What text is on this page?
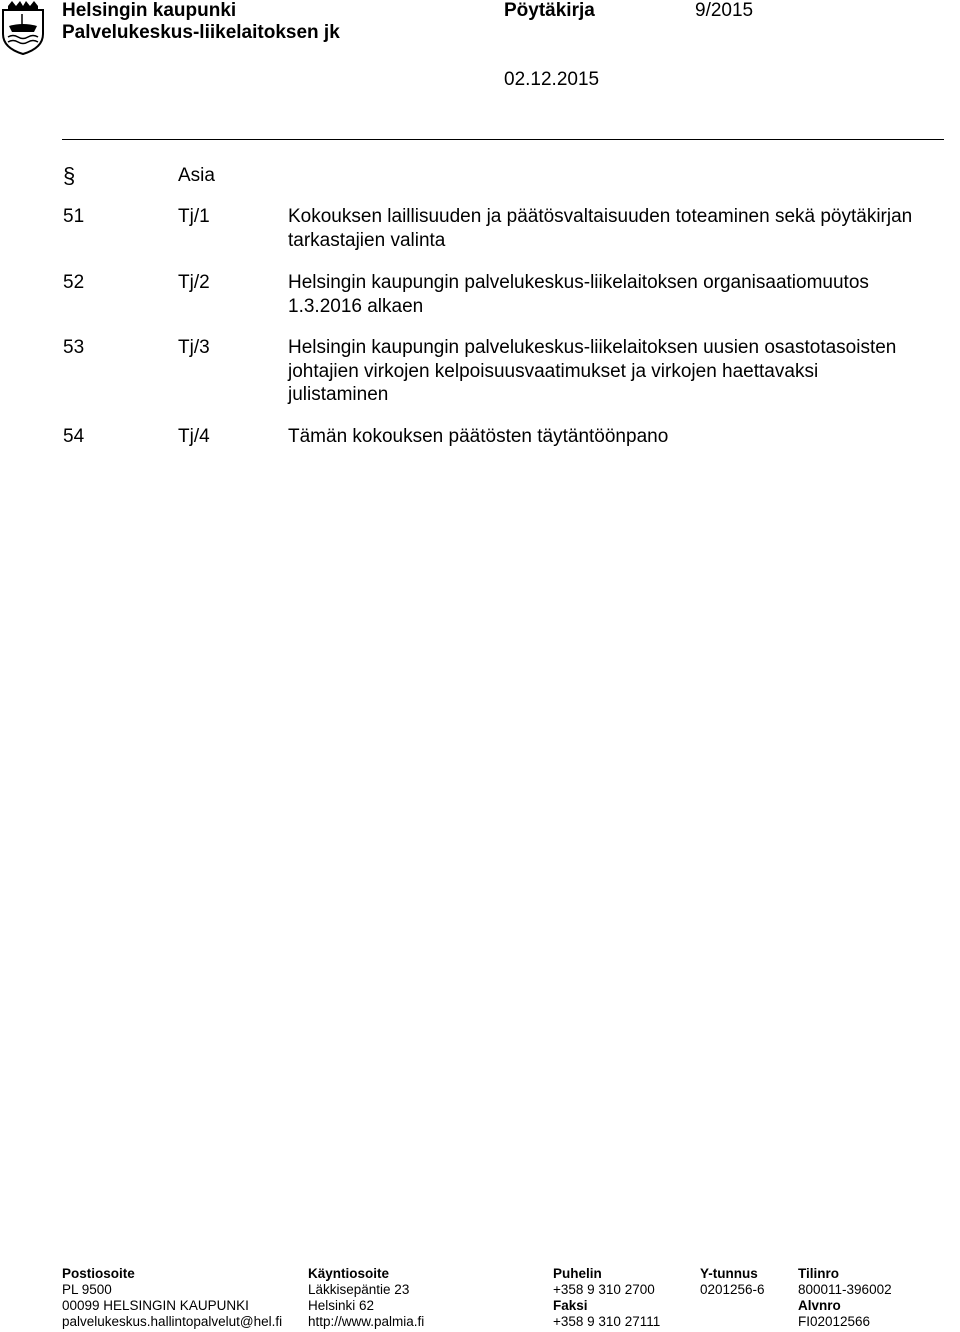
Helsingin kaupunki
Palvelukeskus-liikelaitoksen jk
Pöytäkirja	9/2015
02.12.2015
§	Asia
51	Tj/1	Kokouksen laillisuuden ja päätösvaltaisuuden toteaminen sekä pöytäkirjan tarkastajien valinta
52	Tj/2	Helsingin kaupungin palvelukeskus-liikelaitoksen organisaatiomuutos 1.3.2016 alkaen
53	Tj/3	Helsingin kaupungin palvelukeskus-liikelaitoksen uusien osastotasoisten johtajien virkojen kelpoisuusvaatimukset ja virkojen haettavaksi julistaminen
54	Tj/4	Tämän kokouksen päätösten täytäntöönpano
Postiosoite
PL 9500
00099 HELSINGIN KAUPUNKI
palvelukeskus.hallintopalvelut@hel.fi
Käyntiosoite
Läkkisepäntie 23
Helsinki 62
http://www.palmia.fi
Puhelin
+358 9 310 2700
Faksi
+358 9 310 27111
Y-tunnus
0201256-6
Tilinro
800011-396002
Alvnro
FI02012566
